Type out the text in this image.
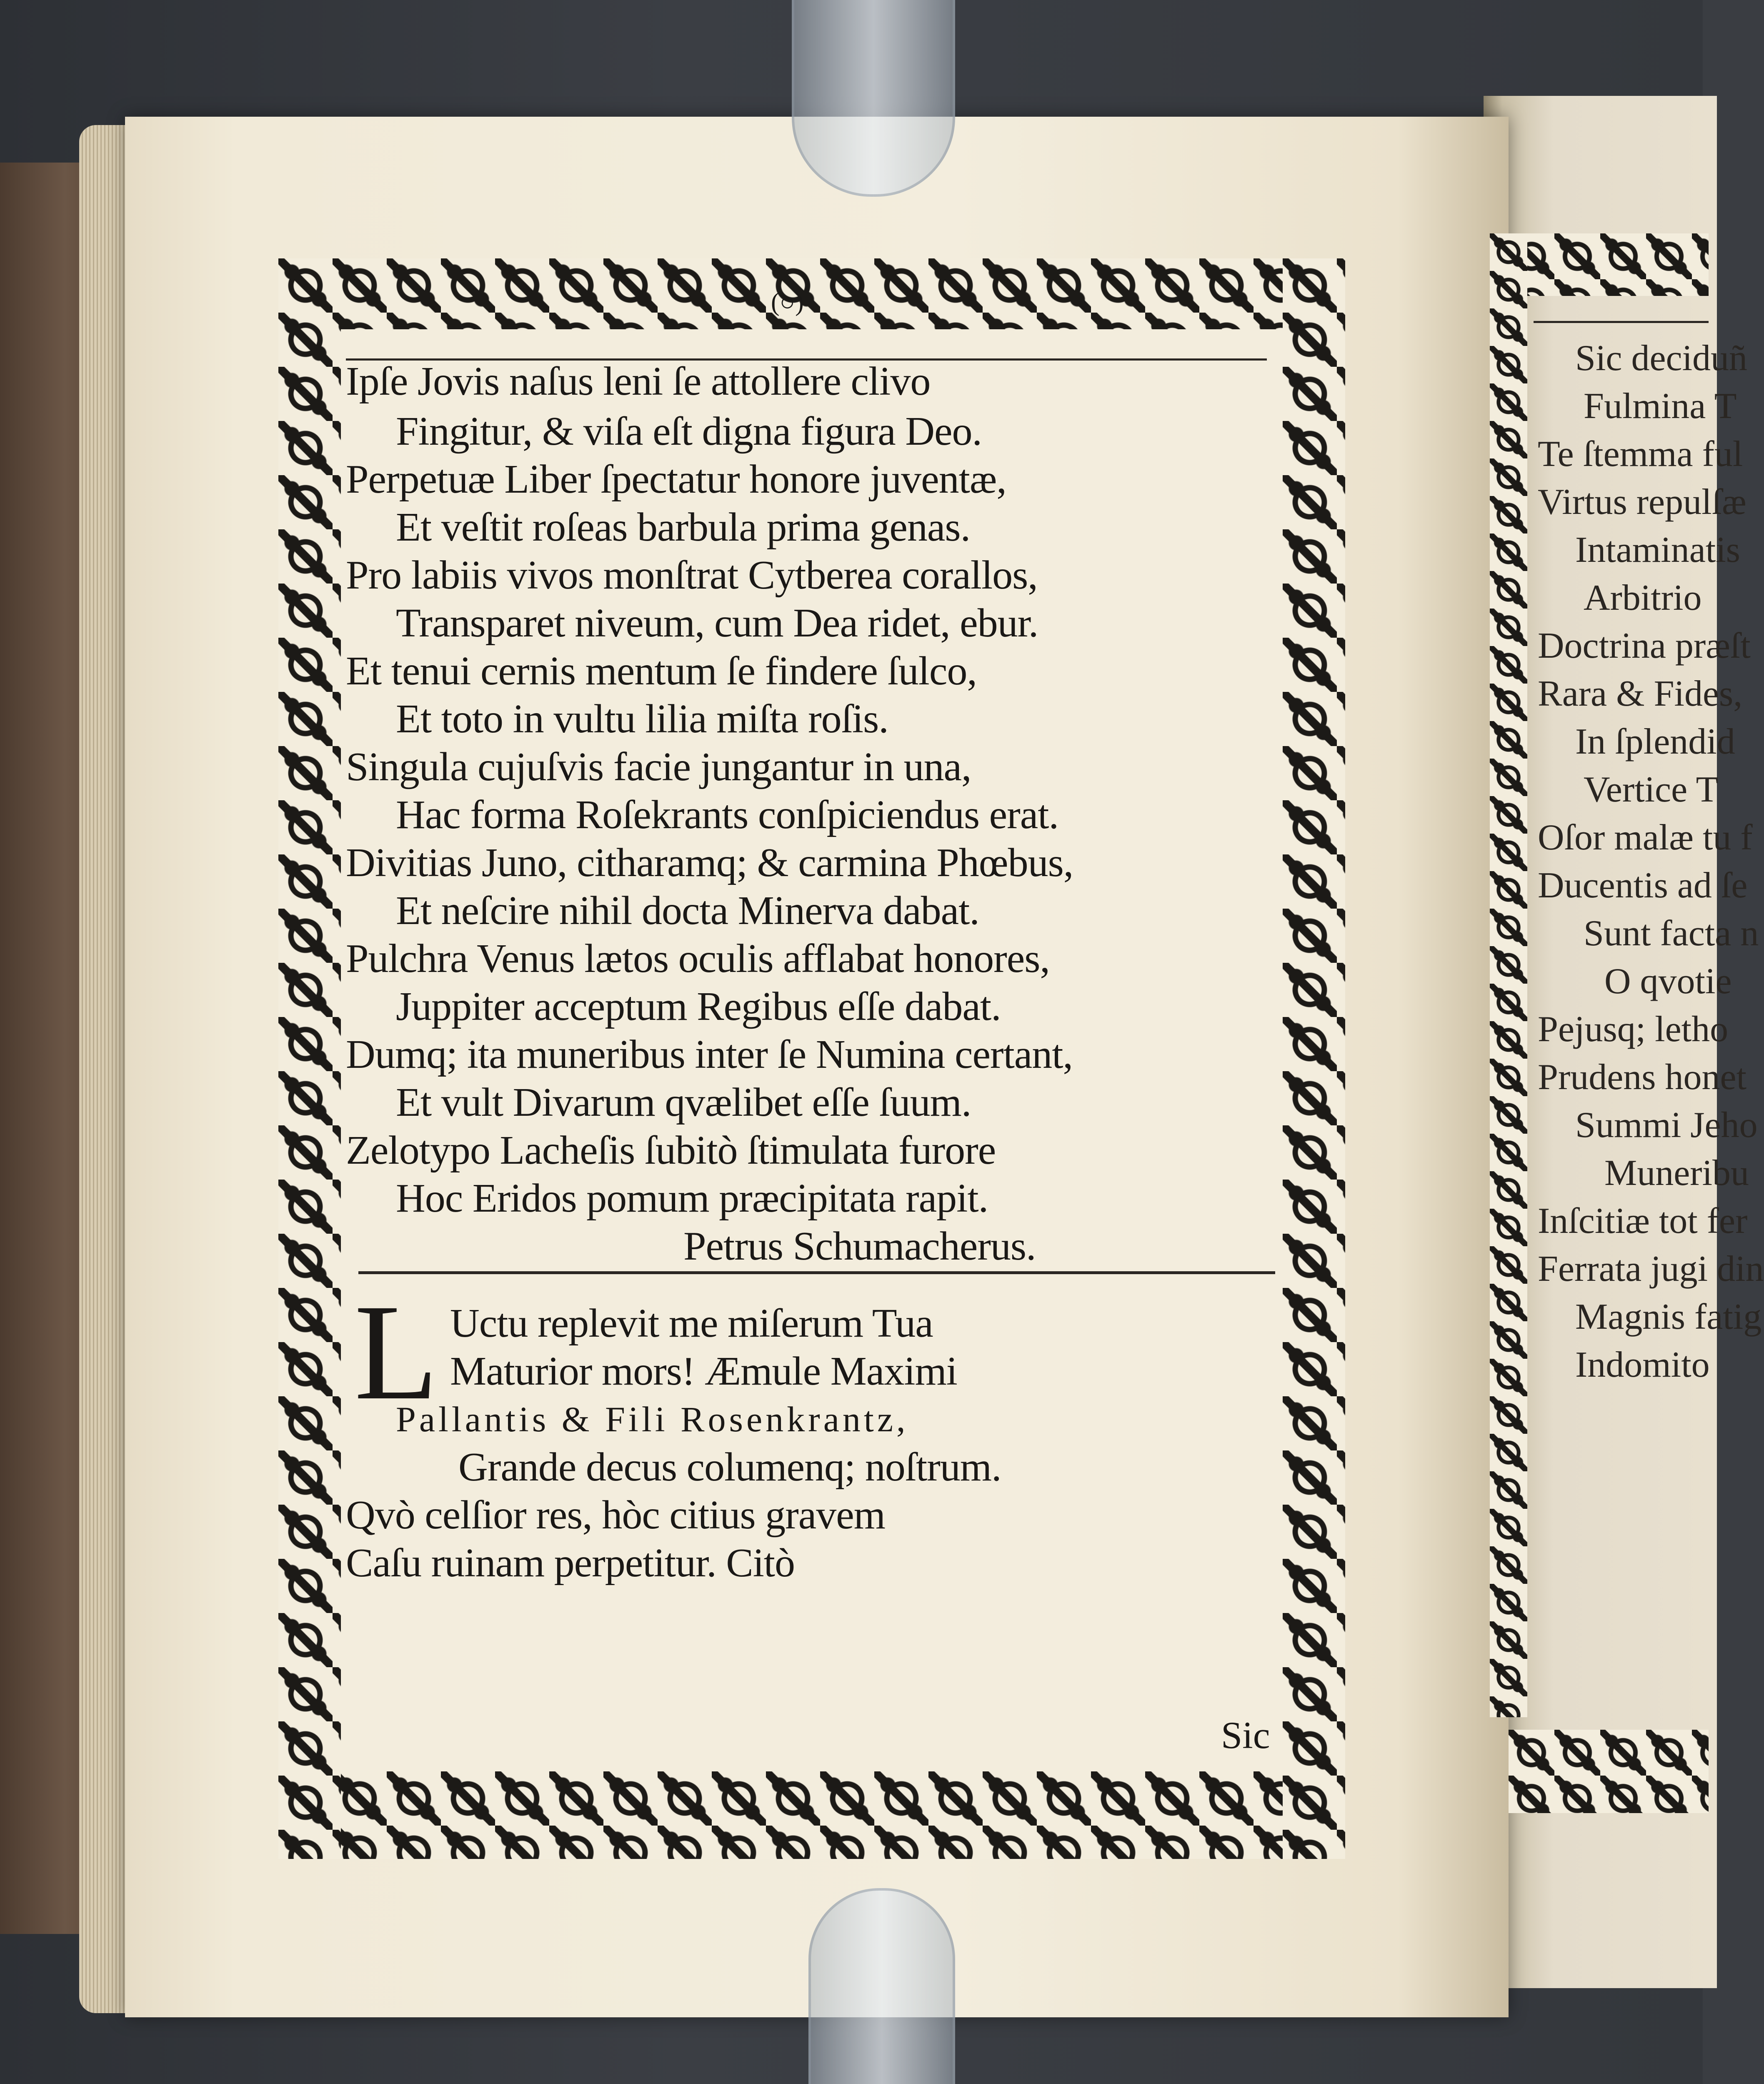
(○)
Ipſe Jovis naſus leni ſe attollere clivo
Fingitur, & viſa eſt digna figura Deo.
Perpetuæ Liber ſpectatur honore juventæ,
Et veſtit roſeas barbula prima genas.
Pro labiis vivos monſtrat Cytberea corallos,
Transparet niveum, cum Dea ridet, ebur.
Et tenui cernis mentum ſe findere ſulco,
Et toto in vultu lilia miſta roſis.
Singula cujuſvis facie jungantur in una,
Hac forma Roſekrants conſpiciendus erat.
Divitias Juno, citharamq; & carmina Phœbus,
Et neſcire nihil docta Minerva dabat.
Pulchra Venus lætos oculis afflabat honores,
Juppiter acceptum Regibus eſſe dabat.
Dumq; ita muneribus inter ſe Numina certant,
Et vult Divarum qvælibet eſſe ſuum.
Zelotypo Lacheſis ſubitò ſtimulata furore
Hoc Eridos pomum præcipitata rapit.
Petrus Schumacherus.
L Uctu replevit me miſerum Tua
Maturior mors! Æmule Maximi
Pallantis & Fili Rosenkrantz,
Grande decus columenq; noſtrum.
Qvò celſior res, hòc citius gravem
Caſu ruinam perpetitur. Citò
Sic
Sic deciduñ
Fulmina T
Te ſtemma ful
Virtus repulſæ
Intaminatis
Arbitrio
Doctrina præſt
Rara & Fides,
In ſplendid
Vertice T
Oſor malæ tu f
Ducentis ad ſe
Sunt facta n
O qvotie
Pejusq; letho
Prudens honet
Summi Jeho
Muneribu
Inſcitiæ tot fer
Ferrata jugi din
Magnis fatig
Indomito
